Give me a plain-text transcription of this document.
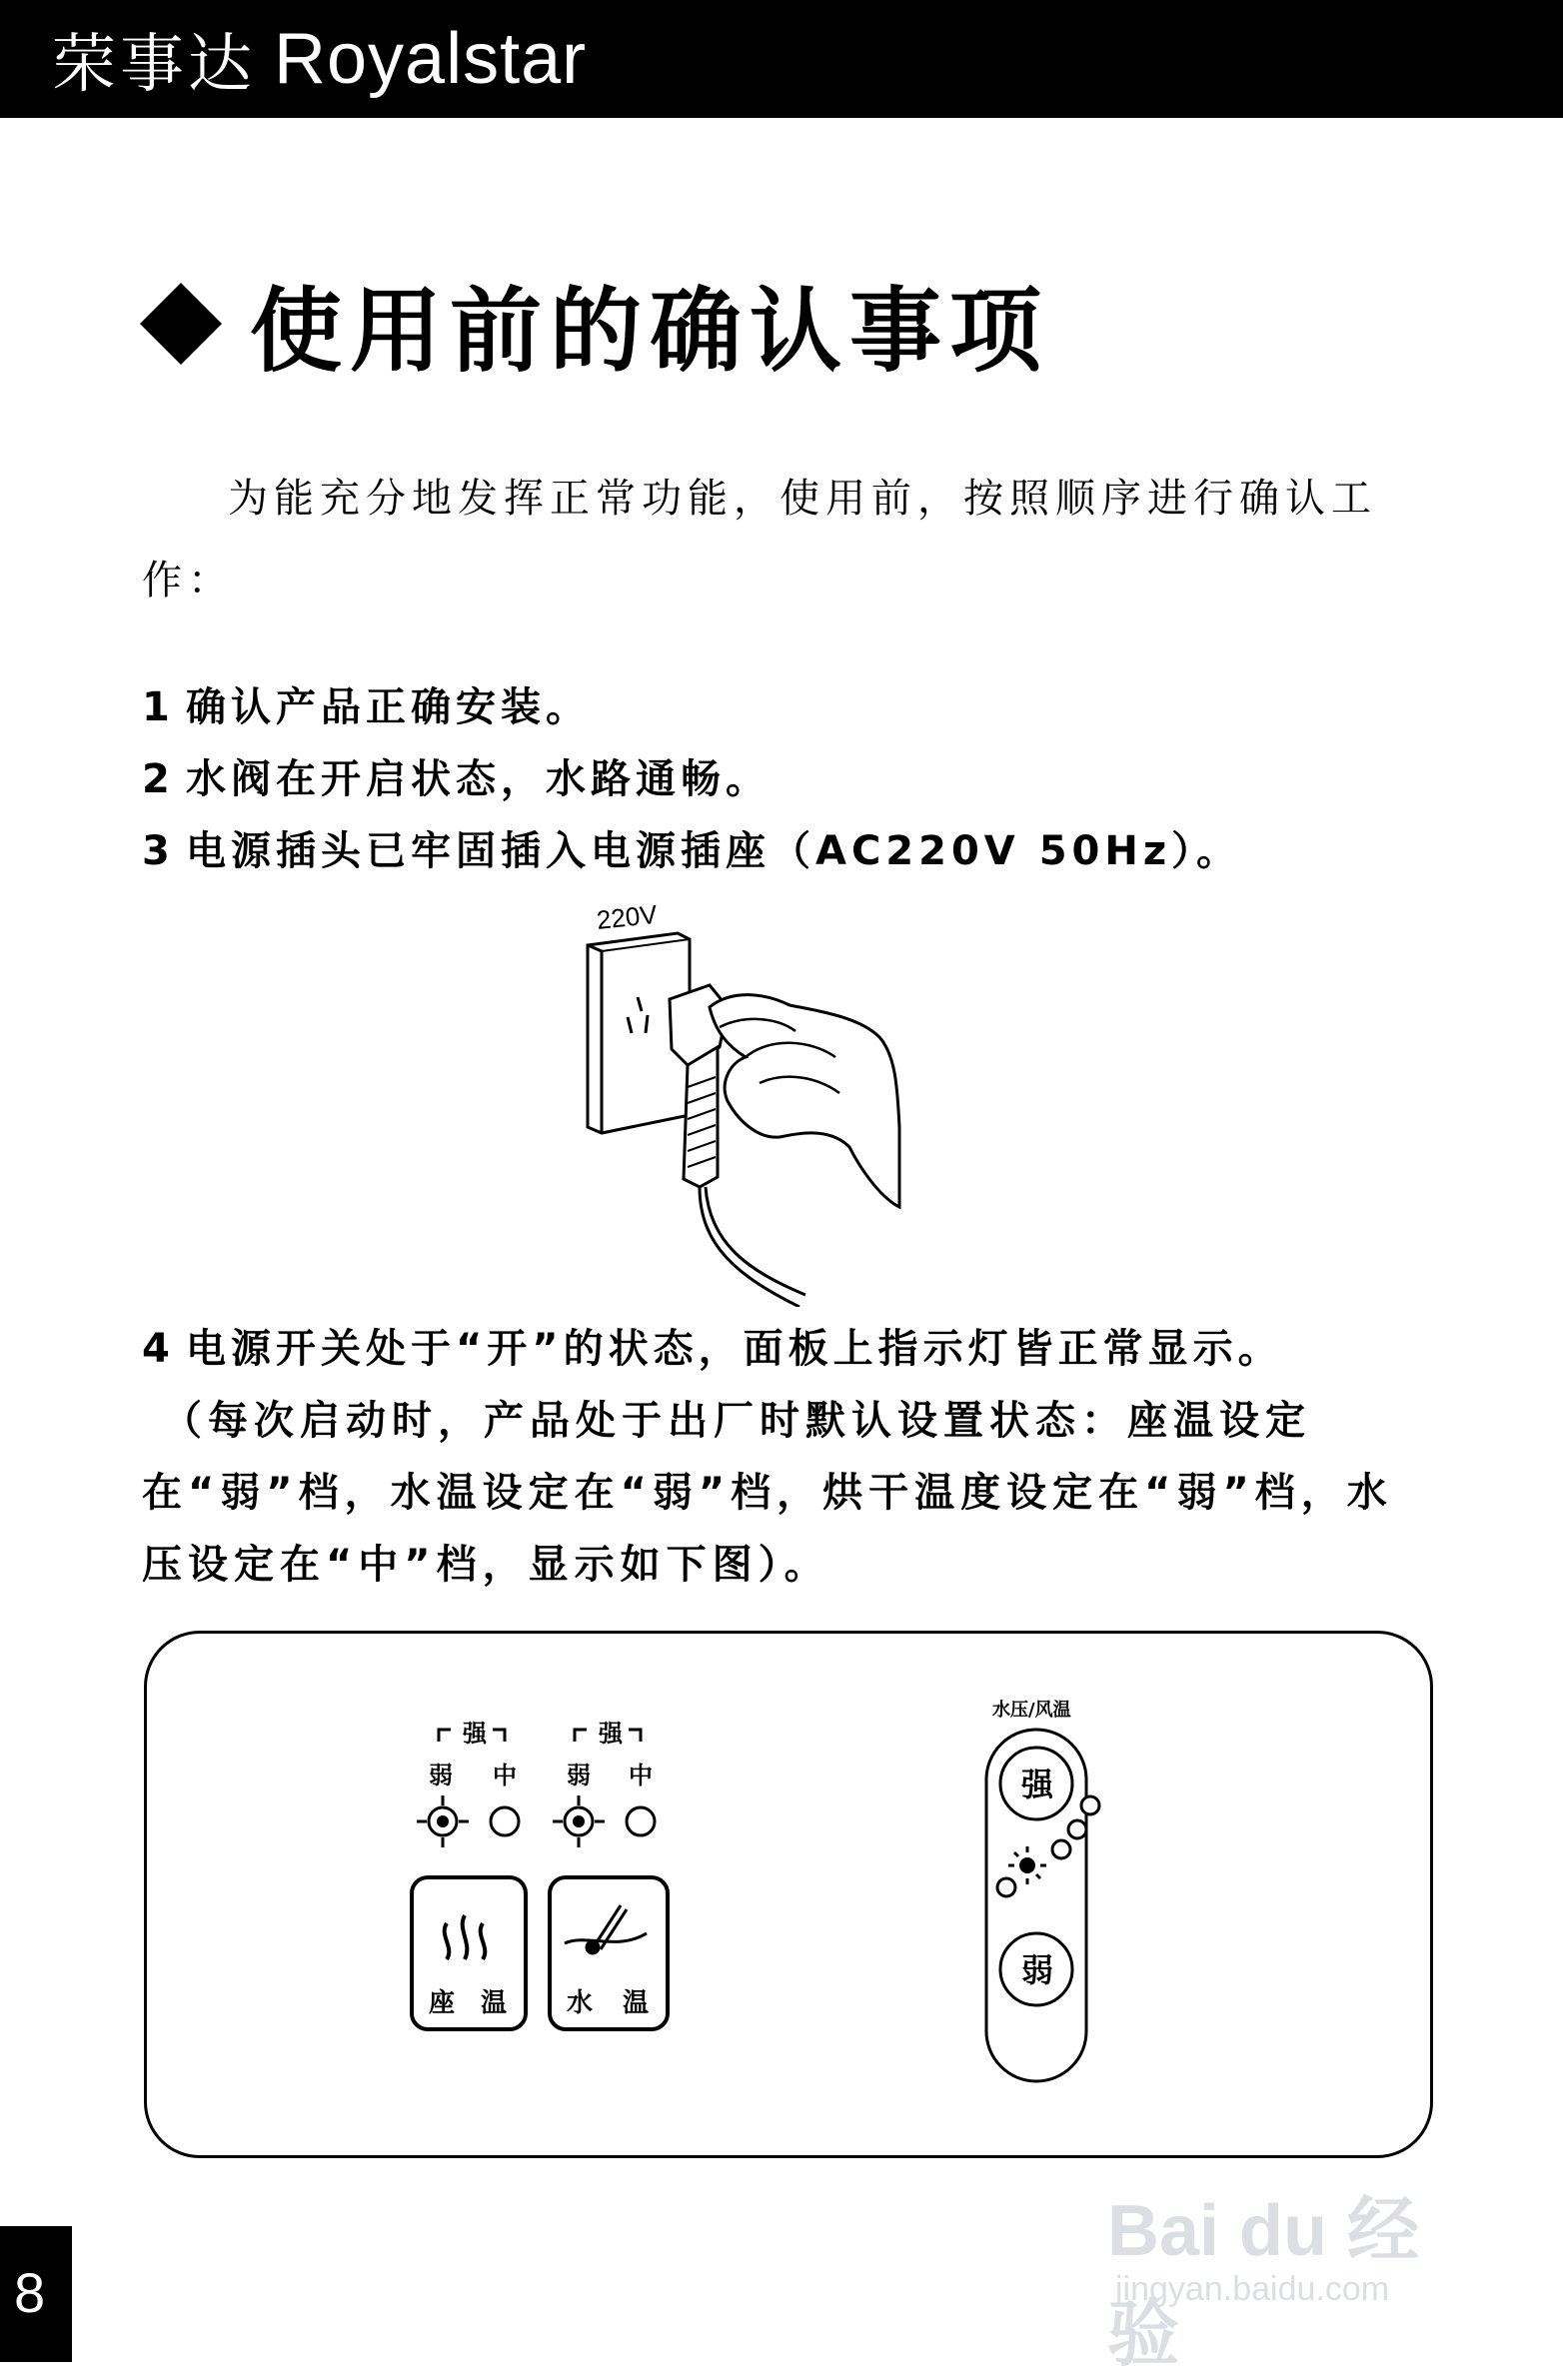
荣事达 Royalstar
使用前的确认事项
为能充分地发挥正常功能，使用前，按照顺序进行确认工作：
1 确认产品正确安装。
2 水阀在开启状态，水路通畅。
3 电源插头已牢固插入电源插座（AC220V 50Hz）。
220V
4 电源开关处于“开”的状态，面板上指示灯皆正常显示。
（每次启动时，产品处于出厂时默认设置状态：座温设定在“弱”档，水温设定在“弱”档，烘干温度设定在“弱”档，水压设定在“中”档，显示如下图）。
强
弱 中
座 温
强
弱 中
水 温
水压/风温
强
弱
Bai du 经验
jingyan.baidu.com
8
